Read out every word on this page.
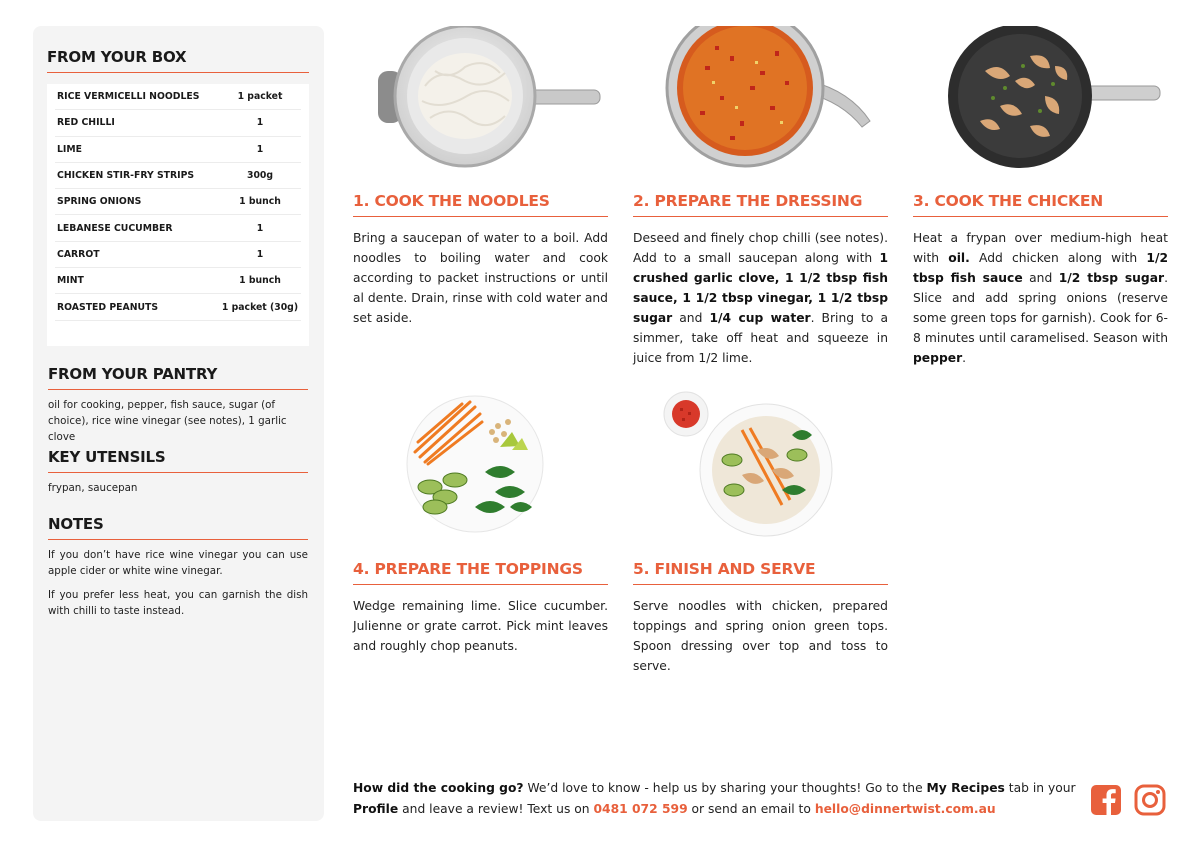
FROM YOUR BOX
RICE VERMICELLI NOODLES	1 packet
RED CHILLI	1
LIME	1
CHICKEN STIR-FRY STRIPS	300g
SPRING ONIONS	1 bunch
LEBANESE CUCUMBER	1
CARROT	1
MINT	1 bunch
ROASTED PEANUTS	1 packet (30g)
FROM YOUR PANTRY
oil for cooking, pepper, fish sauce, sugar (of choice), rice wine vinegar (see notes), 1 garlic clove
KEY UTENSILS
frypan, saucepan
NOTES

If you don’t have rice wine vinegar you can use apple cider or white wine vinegar.

If you prefer less heat, you can garnish the dish with chilli to taste instead.

1. COOK THE NOODLES
Bring a saucepan of water to a boil. Add noodles to boiling water and cook according to packet instructions or until al dente. Drain, rinse with cold water and set aside.
2. PREPARE THE DRESSING
Deseed and finely chop chilli (see notes). Add to a small saucepan along with 1 crushed garlic clove, 1 1/2 tbsp fish sauce, 1 1/2 tbsp vinegar, 1 1/2 tbsp sugar and 1/4 cup water. Bring to a simmer, take off heat and squeeze in juice from 1/2 lime.
3. COOK THE CHICKEN
Heat a frypan over medium-high heat with oil. Add chicken along with 1/2 tbsp fish sauce and 1/2 tbsp sugar. Slice and add spring onions (reserve some green tops for garnish). Cook for 6-8 minutes until caramelised. Season with pepper.
4. PREPARE THE TOPPINGS
Wedge remaining lime. Slice cucumber. Julienne or grate carrot. Pick mint leaves and roughly chop peanuts.
5. FINISH AND SERVE
Serve noodles with chicken, prepared toppings and spring onion green tops. Spoon dressing over top and toss to serve.
How did the cooking go? We’d love to know - help us by sharing your thoughts! Go to the My Recipes tab in your Profile and leave a review! Text us on 0481 072 599 or send an email to hello@dinnertwist.com.au
